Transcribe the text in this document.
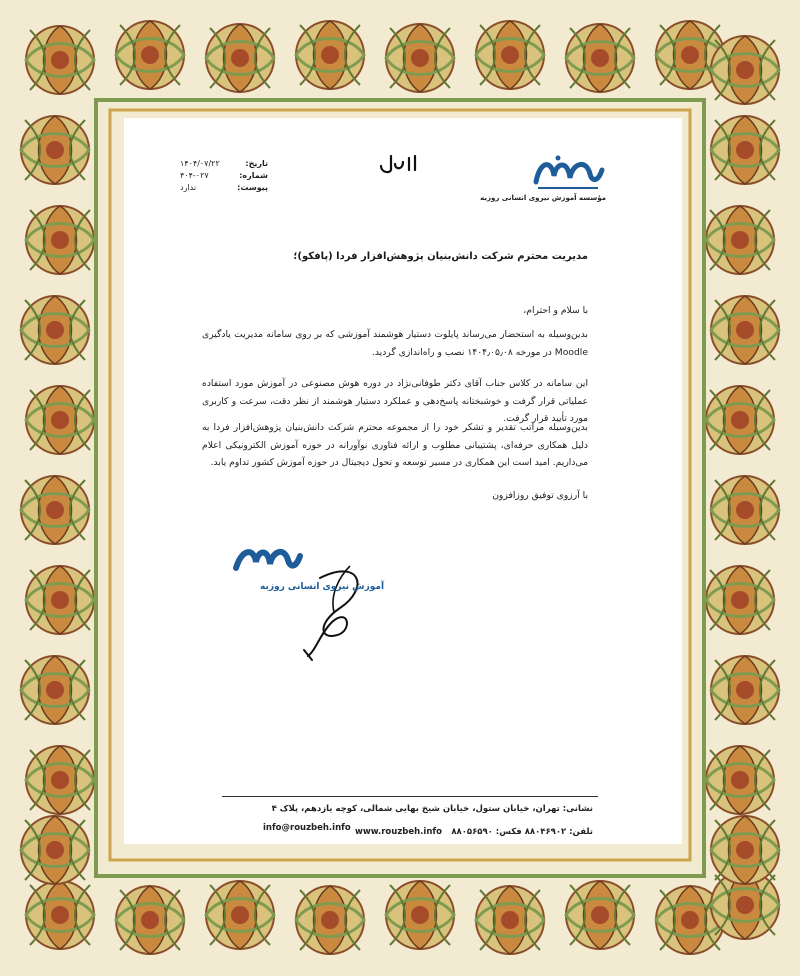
مؤسسه آموزش نیروی انسانی روزبه
تاریخ:
۱۴۰۴/۰۷/۲۲
شماره:
۴۰۴-۰۲۷
پیوست:
ندارد
مدیریت محترم شرکت دانش‌بنیان پژوهش‌افزار فردا (پافکو)؛
با سلام و احترام،
بدین‌وسیله به استحضار می‌رساند پایلوت دستیار هوشمند آموزشی که بر روی سامانه مدیریت یادگیری Moodle در مورخه ۱۴۰۴٫۰۵٫۰۸ نصب و راه‌اندازی گردید.
این سامانه در کلاس جناب آقای دکتر طوفانی‌نژاد در دوره هوش مصنوعی در آموزش مورد استفاده عملیاتی قرار گرفت و خوشبختانه پاسخ‌دهی و عملکرد دستیار هوشمند از نظر دقت، سرعت و کاربری مورد تأیید قرار گرفت.
بدین‌وسیله مراتب تقدیر و تشکر خود را از مجموعه محترم شرکت دانش‌بنیان پژوهش‌افزار فردا به دلیل همکاری حرفه‌ای، پشتیبانی مطلوب و ارائه فناوری نوآورانه در حوزه آموزش الکترونیکی اعلام می‌داریم. امید است این همکاری در مسیر توسعه و تحول دیجیتال در حوزه آموزش کشور تداوم یابد.
با آرزوی توفیق روزافزون
آموزش نیروی انسانی روزبه
نشانی: تهران، خیابان ستول، خیابان شیخ بهایی شمالی، کوچه یازدهم، پلاک ۴
تلفن: ۸۸۰۴۶۹۰۲ فکس: ۸۸۰۵۶۵۹۰
www.rouzbeh.info
info@rouzbeh.info
